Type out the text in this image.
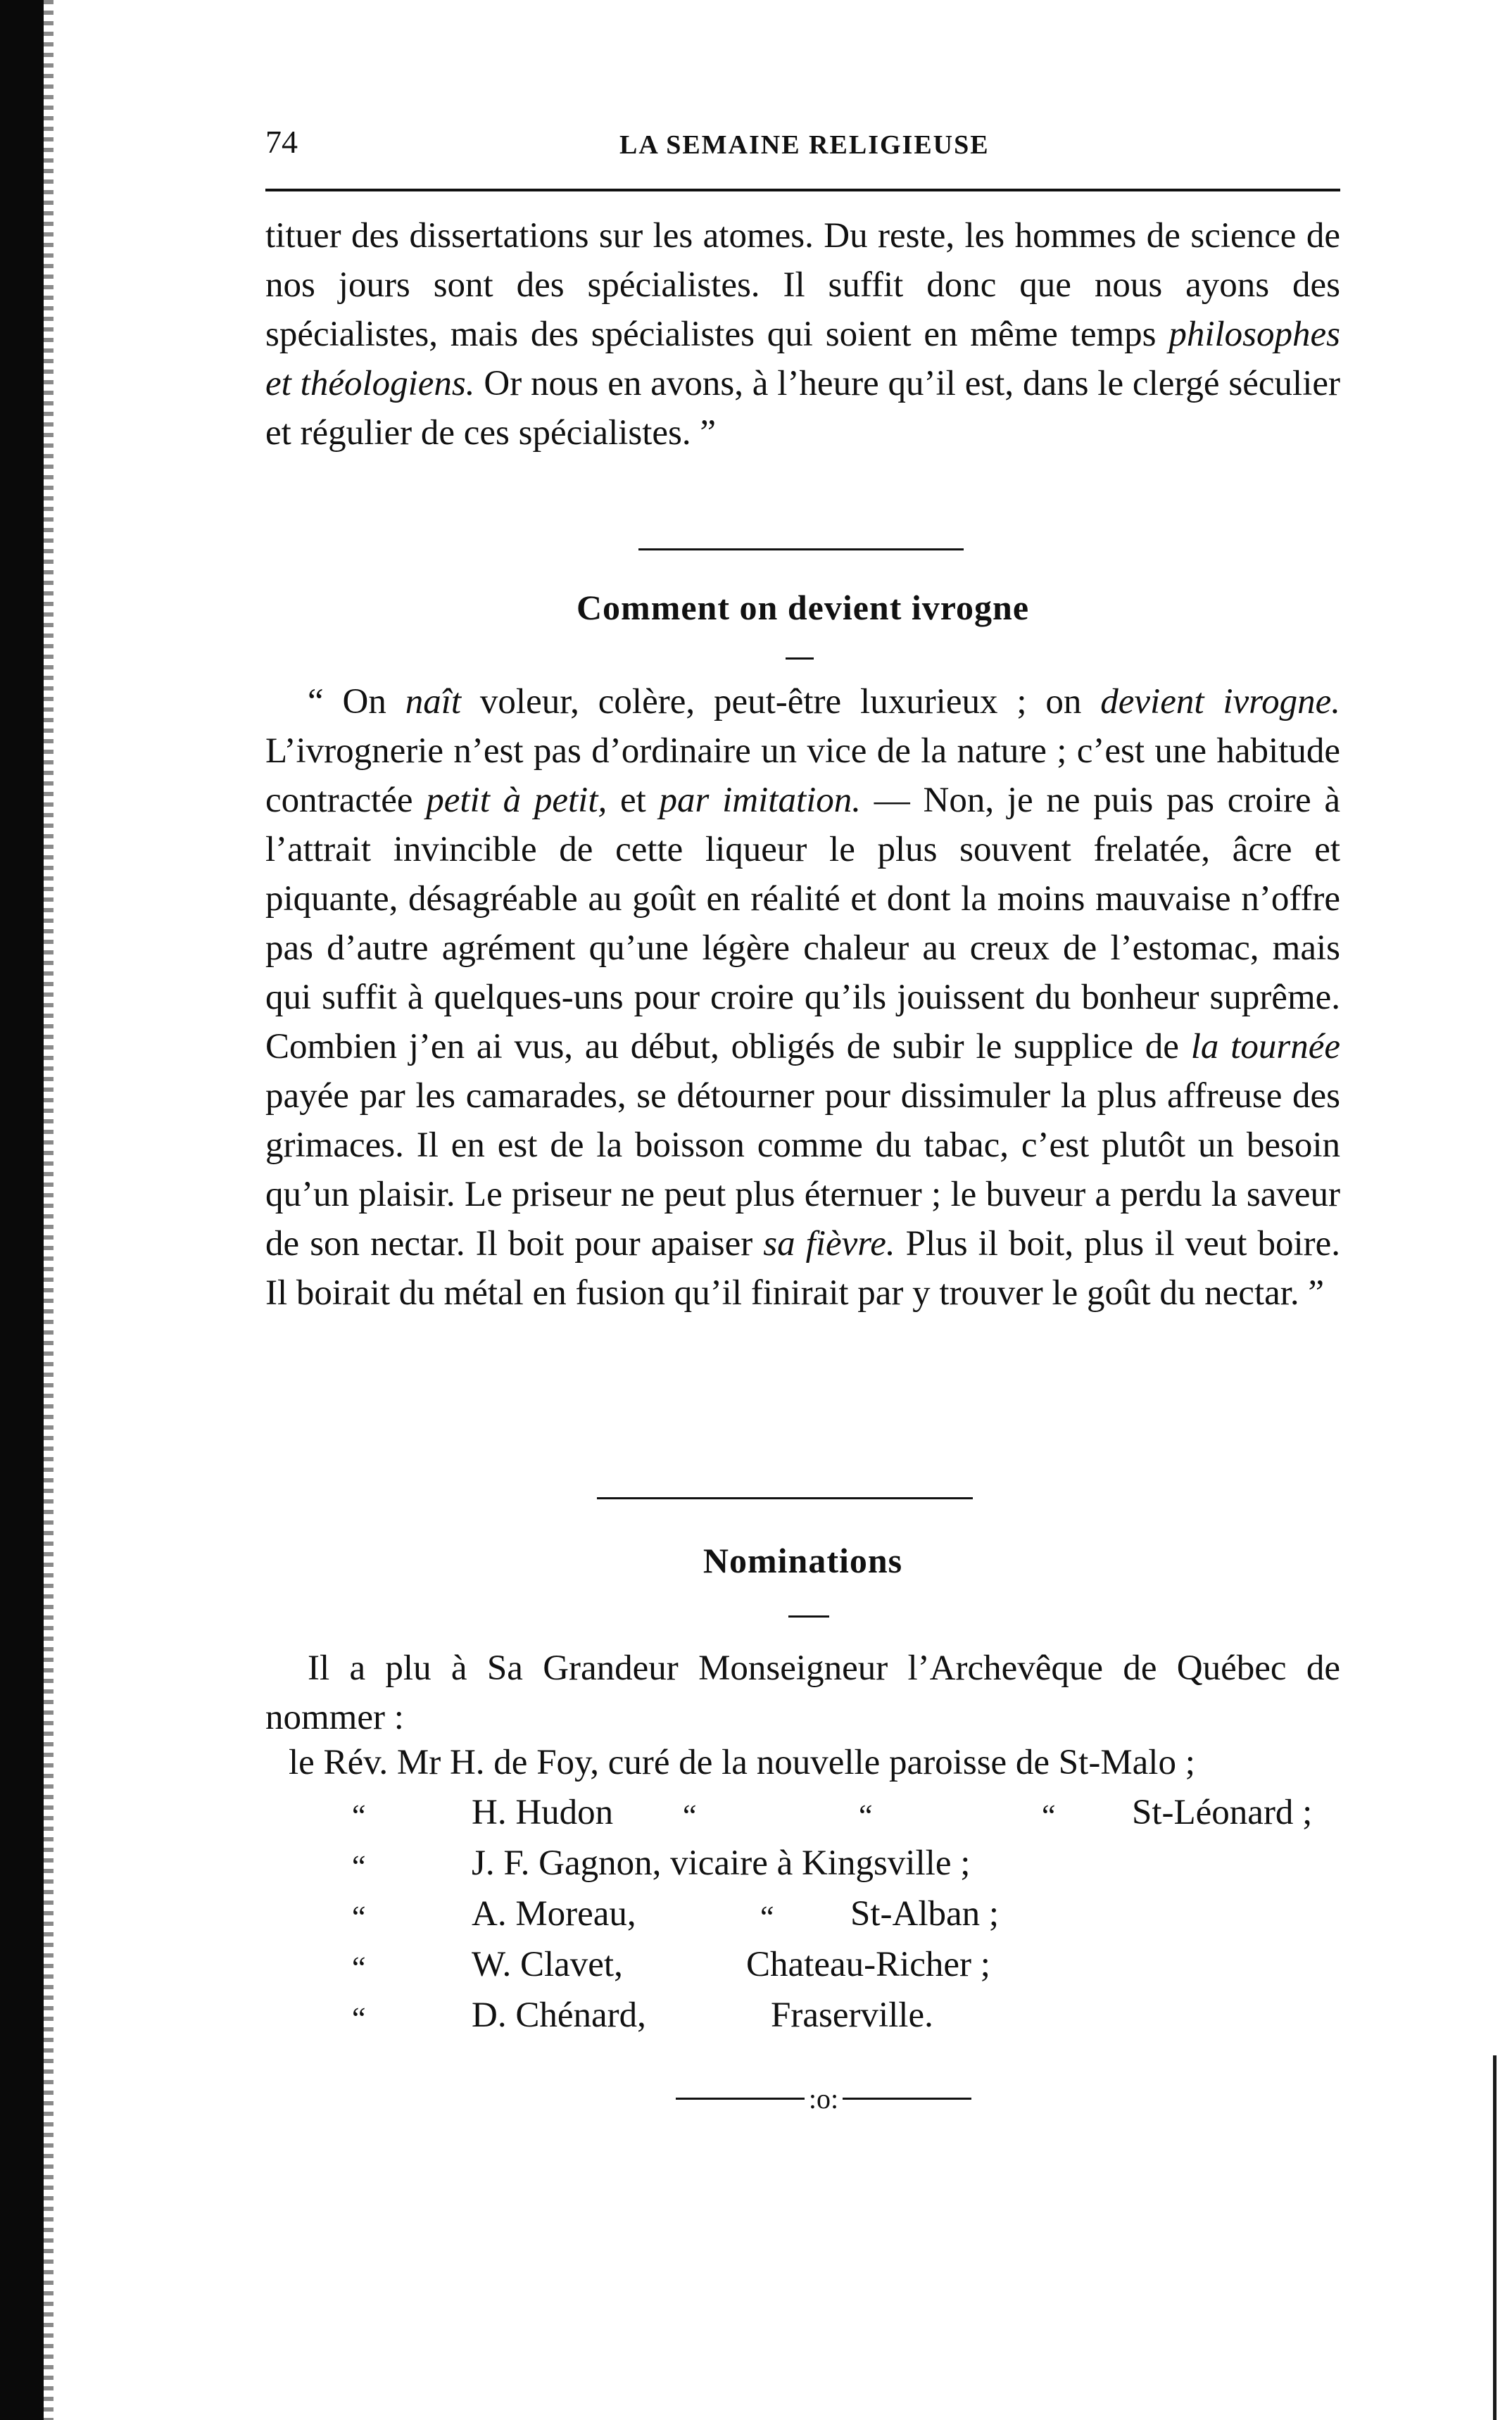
74	LA SEMAINE RELIGIEUSE

tituer des dissertations sur les atomes. Du reste, les hommes de science de nos jours sont des spécialistes. Il suffit donc que nous ayons des spécialistes, mais des spécialistes qui soient en même temps philosophes et théologiens. Or nous en avons, à l’heure qu’il est, dans le clergé séculier et régulier de ces spécialistes. ”

Comment on devient ivrogne

“ On naît voleur, colère, peut-être luxurieux ; on devient ivrogne. L’ivrognerie n’est pas d’ordinaire un vice de la nature ; c’est une habitude contractée petit à petit, et par imitation. — Non, je ne puis pas croire à l’attrait invincible de cette liqueur le plus souvent frelatée, âcre et piquante, désagréable au goût en réalité et dont la moins mauvaise n’offre pas d’autre agrément qu’une légère chaleur au creux de l’estomac, mais qui suffit à quelques-uns pour croire qu’ils jouissent du bonheur suprême. Combien j’en ai vus, au début, obligés de subir le supplice de la tournée payée par les camarades, se détourner pour dissimuler la plus affreuse des grimaces. Il en est de la boisson comme du tabac, c’est plutôt un besoin qu’un plaisir. Le priseur ne peut plus éternuer ; le buveur a perdu la saveur de son nectar. Il boit pour apaiser sa fièvre. Plus il boit, plus il veut boire. Il boirait du métal en fusion qu’il finirait par y trouver le goût du nectar. ”

Nominations

Il a plu à Sa Grandeur Monseigneur l’Archevêque de Québec de nommer :

le Rév. Mr H. de Foy, curé de la nouvelle paroisse de St-Malo ;
“	H. Hudon “	“	“ St-Léonard ;
“	J. F. Gagnon, vicaire à Kingsville ;
“	A. Moreau,	“ St-Alban ;
“	W. Clavet,	Chateau-Richer ;
“	D. Chénard,	Fraserville.
:o:
